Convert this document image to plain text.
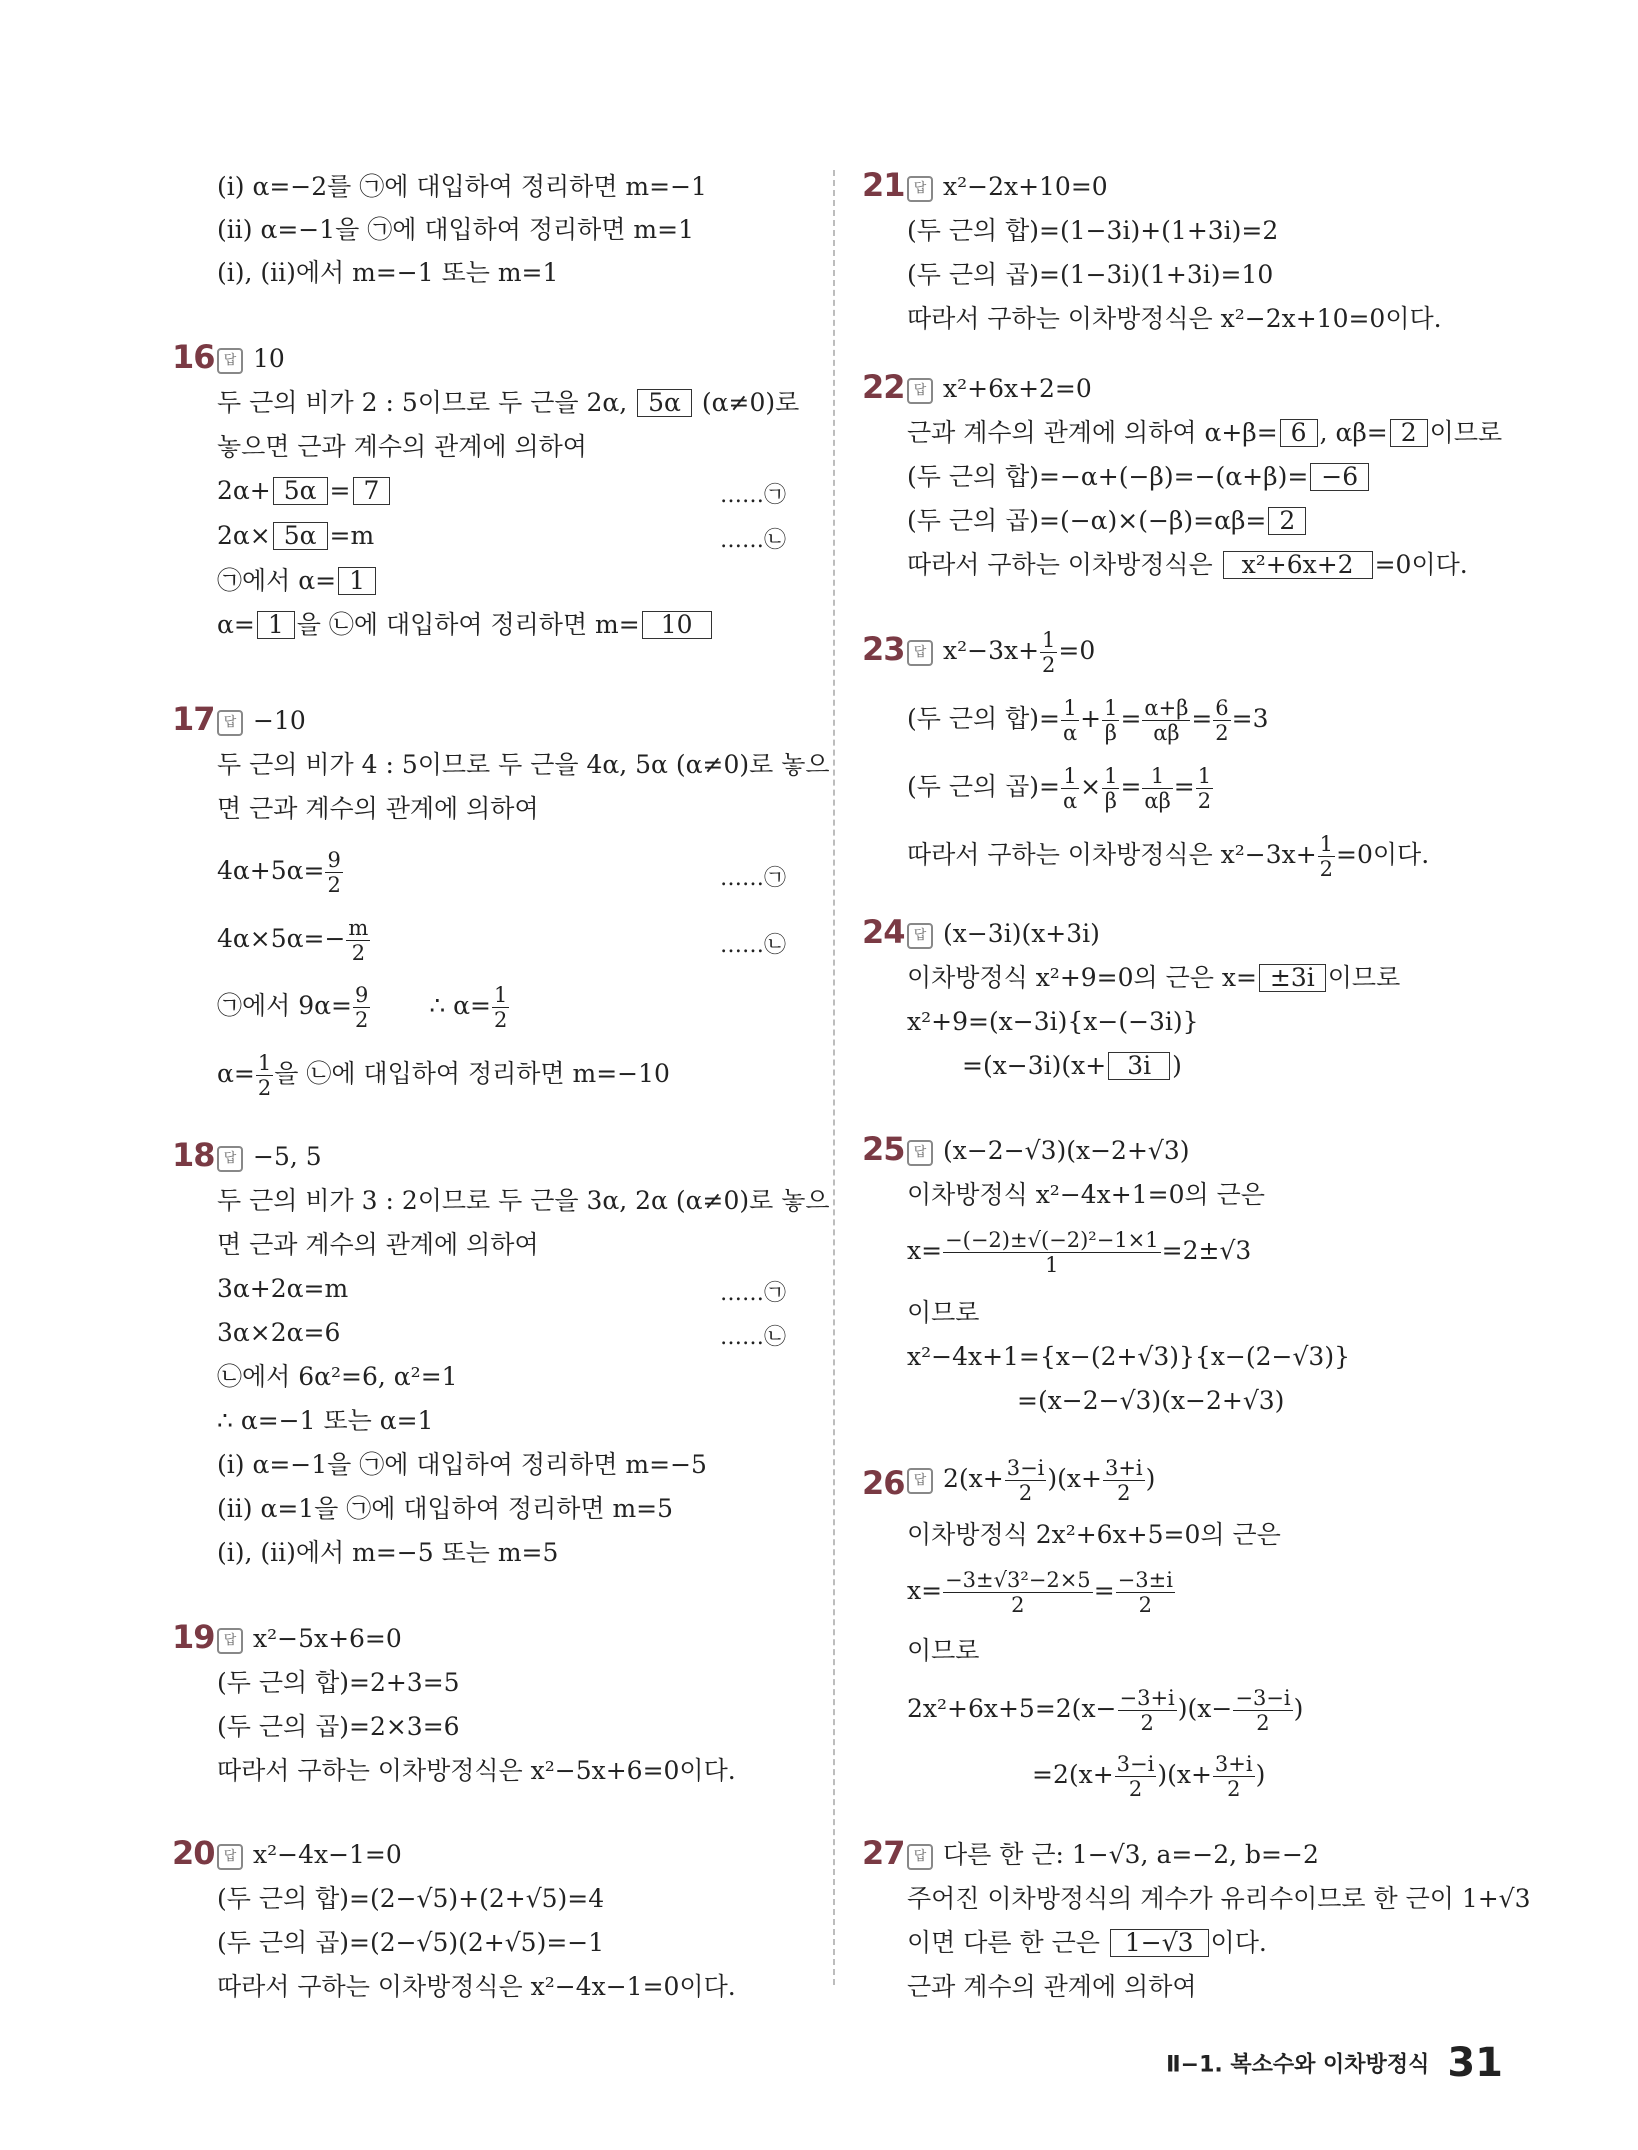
(ⅰ) α=−2를 ㉠에 대입하여 정리하면 m=−1
(ⅱ) α=−1을 ㉠에 대입하여 정리하면 m=1
(ⅰ), (ⅱ)에서 m=−1 또는 m=1
16 답 10
두 근의 비가 2 : 5이므로 두 근을 2α, 5α (α≠0)로
놓으면 근과 계수의 관계에 의하여
2α+ 5α = 7	……㉠
2α× 5α =m	……㉡
㉠에서 α= 1
α= 1 을 ㉡에 대입하여 정리하면 m= 10
17 답 −10
두 근의 비가 4 : 5이므로 두 근을 4α, 5α (α≠0)로 놓으
면 근과 계수의 관계에 의하여
$4\alpha+5\alpha= \frac{9}{2}$	……㉠
$4\alpha\times 5\alpha=- \frac{m}{2}$	……㉡
㉠에서 $9\alpha= \frac{9}{2}$ ∴ $\alpha= \frac{1}{2}$
$\alpha= \frac{1}{2}$ 을 ㉡에 대입하여 정리하면 m=−10
18 답 −5, 5
두 근의 비가 3 : 2이므로 두 근을 3α, 2α (α≠0)로 놓으
면 근과 계수의 관계에 의하여
3α+2α=m	……㉠
3α×2α=6	……㉡
㉡에서 6α²=6, α²=1
∴ α=−1 또는 α=1
(ⅰ) α=−1을 ㉠에 대입하여 정리하면 m=−5
(ⅱ) α=1을 ㉠에 대입하여 정리하면 m=5
(ⅰ), (ⅱ)에서 m=−5 또는 m=5
19 답 x²−5x+6=0
(두 근의 합)=2+3=5
(두 근의 곱)=2×3=6
따라서 구하는 이차방정식은 x²−5x+6=0이다.
20 답 x²−4x−1=0
(두 근의 합)=(2−√5)+(2+√5)=4
(두 근의 곱)=(2−√5)(2+√5)=−1
따라서 구하는 이차방정식은 x²−4x−1=0이다.
21 답 x²−2x+10=0
(두 근의 합)=(1−3i)+(1+3i)=2
(두 근의 곱)=(1−3i)(1+3i)=10
따라서 구하는 이차방정식은 x²−2x+10=0이다.
22 답 x²+6x+2=0
근과 계수의 관계에 의하여 α+β= 6 , αβ= 2 이므로
(두 근의 합)=−α+(−β)=−(α+β)= −6
(두 근의 곱)=(−α)×(−β)=αβ= 2
따라서 구하는 이차방정식은 x²+6x+2 =0이다.
23 답 $x^2-3x+ \frac{1}{2} =0$
(두 근의 합)= $\frac{1}{\alpha} + \frac{1}{\beta} = \frac{\alpha+\beta}{\alpha\beta} = \frac{6}{2} =3$
(두 근의 곱)= $\frac{1}{\alpha} \times \frac{1}{\beta} = \frac{1}{\alpha\beta} = \frac{1}{2}$
따라서 구하는 이차방정식은 $x^2-3x+ \frac{1}{2} =0$이다.
24 답 (x−3i)(x+3i)
이차방정식 x²+9=0의 근은 x= ±3i 이므로
x²+9=(x−3i){x−(−3i)}
=(x−3i)(x+ 3i )
25 답 (x−2−√3)(x−2+√3)
이차방정식 x²−4x+1=0의 근은
$x= \frac{\text{−(−2)±√(−2)²−1×1}}{1} =2\pm√3$
이므로
x²−4x+1={x−(2+√3)}{x−(2−√3)}
=(x−2−√3)(x−2+√3)
26 답 $2(x+ \frac{3-i}{2} )(x+ \frac{3+i}{2}$ )
이차방정식 2x²+6x+5=0의 근은
$x= \frac{\text{−3±√3²−2×5}}{2} = \frac{-3\pm i}{2}$
이므로
$2x^2+6x+5=2(x- \frac{-3+i}{2} )(x- \frac{-3-i}{2}$ )
$=2(x+ \frac{3-i}{2} )(x+ \frac{3+i}{2}$ )
27 답 다른 한 근: 1−√3, a=−2, b=−2
주어진 이차방정식의 계수가 유리수이므로 한 근이 1+√3
이면 다른 한 근은 1−√3 이다.
근과 계수의 관계에 의하여
Ⅱ−1. 복소수와 이차방정식 31
